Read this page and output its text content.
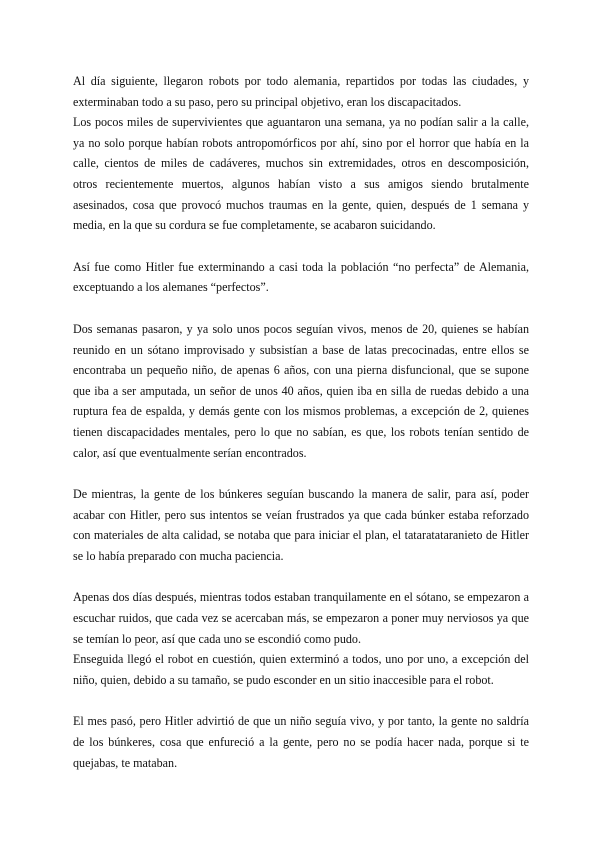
Al día siguiente, llegaron robots por todo alemania, repartidos por todas las ciudades, y exterminaban todo a su paso, pero su principal objetivo, eran los discapacitados.

Los pocos miles de supervivientes que aguantaron una semana, ya no podían salir a la calle, ya no solo porque habían robots antropomórficos por ahí, sino por el horror que había en la calle, cientos de miles de cadáveres, muchos sin extremidades, otros en descomposición, otros recientemente muertos, algunos habían visto a sus amigos siendo brutalmente asesinados, cosa que provocó muchos traumas en la gente, quien, después de 1 semana y media, en la que su cordura se fue completamente, se acabaron suicidando.

Así fue como Hitler fue exterminando a casi toda la población “no perfecta” de Alemania, exceptuando a los alemanes “perfectos”.

Dos semanas pasaron, y ya solo unos pocos seguían vivos, menos de 20, quienes se habían reunido en un sótano improvisado y subsistían a base de latas precocinadas, entre ellos se encontraba un pequeño niño, de apenas 6 años, con una pierna disfuncional, que se supone que iba a ser amputada, un señor de unos 40 años, quien iba en silla de ruedas debido a una ruptura fea de espalda, y demás gente con los mismos problemas, a excepción de 2, quienes tienen discapacidades mentales, pero lo que no sabían, es que, los robots tenían sentido de calor, así que eventualmente serían encontrados.

De mientras, la gente de los búnkeres seguían buscando la manera de salir, para así, poder acabar con Hitler, pero sus intentos se veían frustrados ya que cada búnker estaba reforzado con materiales de alta calidad, se notaba que para iniciar el plan, el tataratataranieto de Hitler se lo había preparado con mucha paciencia.

Apenas dos días después, mientras todos estaban tranquilamente en el sótano, se empezaron a escuchar ruidos, que cada vez se acercaban más, se empezaron a poner muy nerviosos ya que se temían lo peor, así que cada uno se escondió como pudo.

Enseguida llegó el robot en cuestión, quien exterminó a todos, uno por uno, a excepción del niño, quien, debido a su tamaño, se pudo esconder en un sitio inaccesible para el robot.

El mes pasó, pero Hitler advirtió de que un niño seguía vivo, y por tanto, la gente no saldría de los búnkeres, cosa que enfureció a la gente, pero no se podía hacer nada, porque si te quejabas, te mataban.
